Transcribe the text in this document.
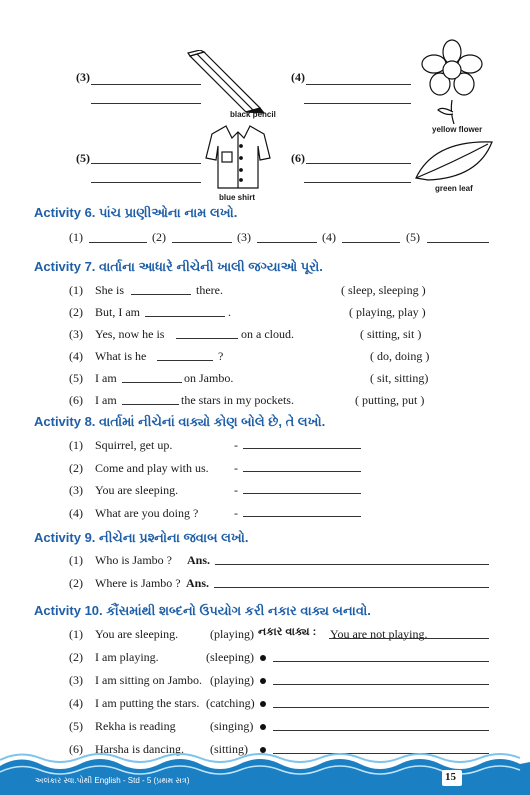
(3)
black pencil
(4)
yellow flower
(5)
blue shirt
(6)
green leaf
Activity 6. પાંચ પ્રાણીઓના નામ લખો.
(1)	(2)	(3)	(4)	(5)
Activity 7. વાર્તાના આધારે નીચેની ખાલી જગ્યાઓ પૂરો.
(1) She is	there.	( sleep, sleeping )
(2) But, I am	.	( playing, play )
(3) Yes, now he is	on a cloud.	( sitting, sit )
(4) What is he	?	( do, doing )
(5) I am	on Jambo.	( sit, sitting)
(6) I am	the stars in my pockets.	( putting, put )
Activity 8. વાર્તામાં નીચેનાં વાક્યો કોણ બોલે છે, તે લખો.
(1) Squirrel, get up.	-
(2) Come and play with us. -
(3) You are sleeping.	-
(4) What are you doing ?	-
Activity 9. નીચેના પ્રશ્નોના જવાબ લખો.
(1) Who is Jambo ? Ans.
(2) Where is Jambo ? Ans.
Activity 10. કૌંસમાંથી શબ્દનો ઉપયોગ કરી નકાર વાક્ય બનાવો.
(1) You are sleeping.	(playing) નકાર વાક્ય : You are not playing.
(2) I am playing.	(sleeping)
(3) I am sitting on Jambo. (playing)
(4) I am putting the stars. (catching)
(5) Rekha is reading	(singing)
(6) Harsha is dancing. (sitting)
અલંકાર સ્વા.પોથી English - Std - 5 (પ્રથમ સત્ર)	15
